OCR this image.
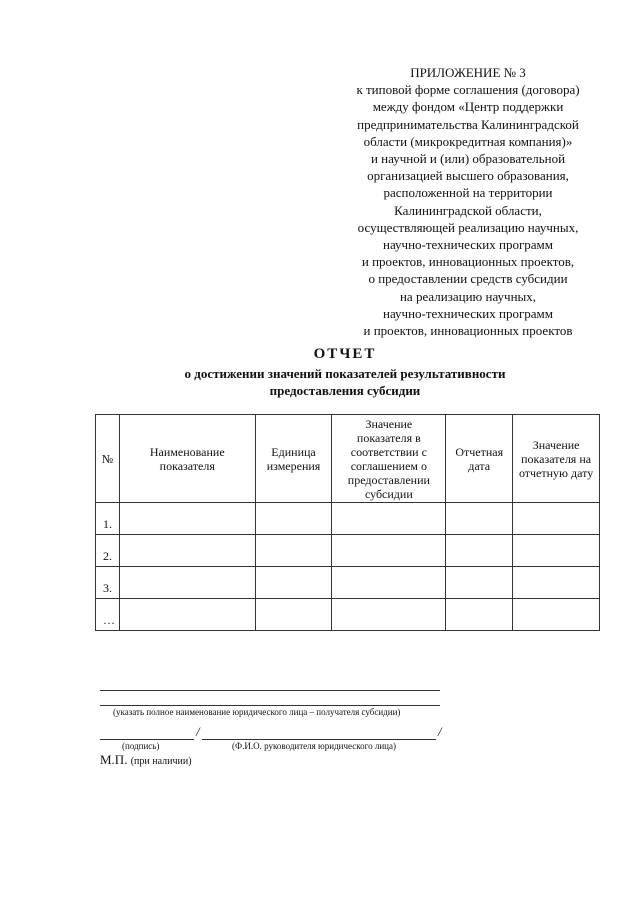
ПРИЛОЖЕНИЕ № 3
к типовой форме соглашения (договора)
между фондом «Центр поддержки
предпринимательства Калининградской
области (микрокредитная компания)»
и научной и (или) образовательной
организацией высшего образования,
расположенной на территории
Калининградской области,
осуществляющей реализацию научных,
научно-технических программ
и проектов, инновационных проектов,
о предоставлении средств субсидии
на реализацию научных,
научно-технических программ
и проектов, инновационных проектов
ОТЧЕТ
о достижении значений показателей результативности
предоставления субсидии
№	Наименование показателя	Единица измерения	Значение показателя в соответствии с соглашением о предоставлении субсидии	Отчетная дата	Значение показателя на отчетную дату
1.					
2.					
3.					
…					
(указать полное наименование юридического лица – получателя субсидии)
/	/
(подпись)	(Ф.И.О. руководителя юридического лица)
М.П. (при наличии)
